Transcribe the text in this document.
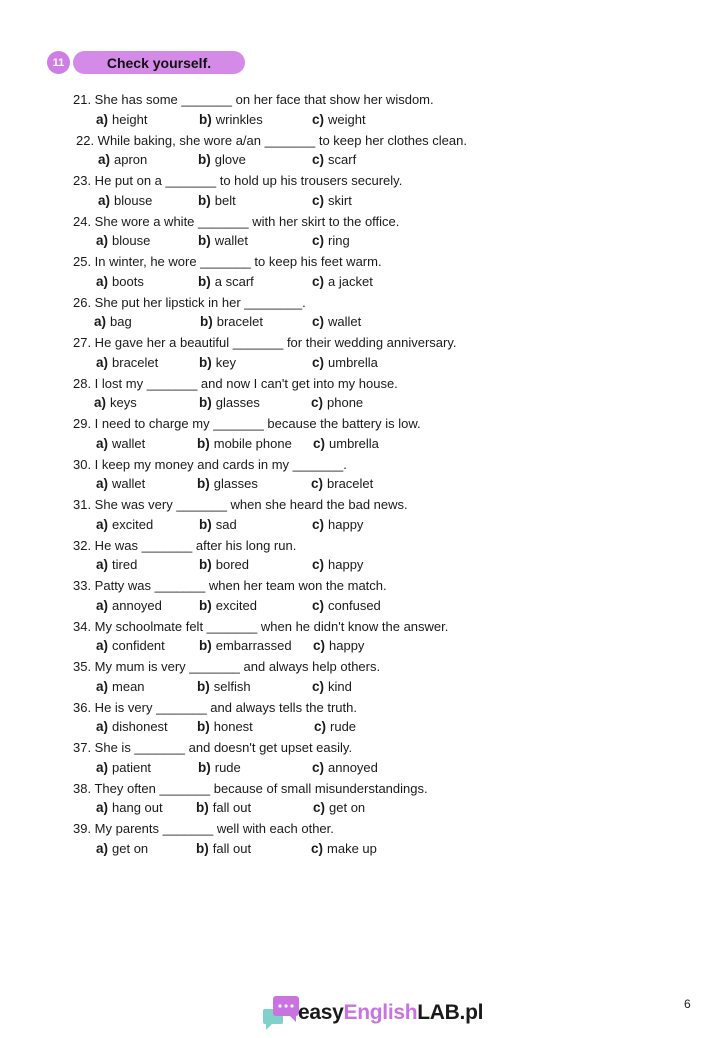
11	Check yourself.
21. She has some _______ on her face that show her wisdom.
a) height	b) wrinkles	c) weight
22. While baking, she wore a/an _______ to keep her clothes clean.
a) apron	b) glove	c) scarf
23. He put on a _______ to hold up his trousers securely.
a) blouse	b) belt	c) skirt
24. She wore a white _______ with her skirt to the office.
a) blouse	b) wallet	c) ring
25. In winter, he wore _______ to keep his feet warm.
a) boots	b) a scarf	c) a jacket
26. She put her lipstick in her ________.
a) bag	b) bracelet	c) wallet
27. He gave her a beautiful _______ for their wedding anniversary.
a) bracelet	b) key	c) umbrella
28. I lost my _______ and now I can't get into my house.
a) keys	b) glasses	c) phone
29. I need to charge my _______ because the battery is low.
a) wallet	b) mobile phone c) umbrella
30. I keep my money and cards in my _______.
a) wallet	b) glasses	c) bracelet
31. She was very _______ when she heard the bad news.
a) excited	b) sad	c) happy
32. He was _______ after his long run.
a) tired	b) bored	c) happy
33. Patty was _______ when her team won the match.
a) annoyed	b) excited	c) confused
34. My schoolmate felt _______ when he didn't know the answer.
a) confident	b) embarrassed c) happy
35. My mum is very _______ and always help others.
a) mean	b) selfish	c) kind
36. He is very _______ and always tells the truth.
a) dishonest b) honest	c) rude
37. She is _______ and doesn't get upset easily.
a) patient	b) rude	c) annoyed
38. They often _______ because of small misunderstandings.
a) hang out b) fall out	c) get on
39. My parents _______ well with each other.
a) get on	b) fall out	c) make up
easyEnglishLAB.pl	6
